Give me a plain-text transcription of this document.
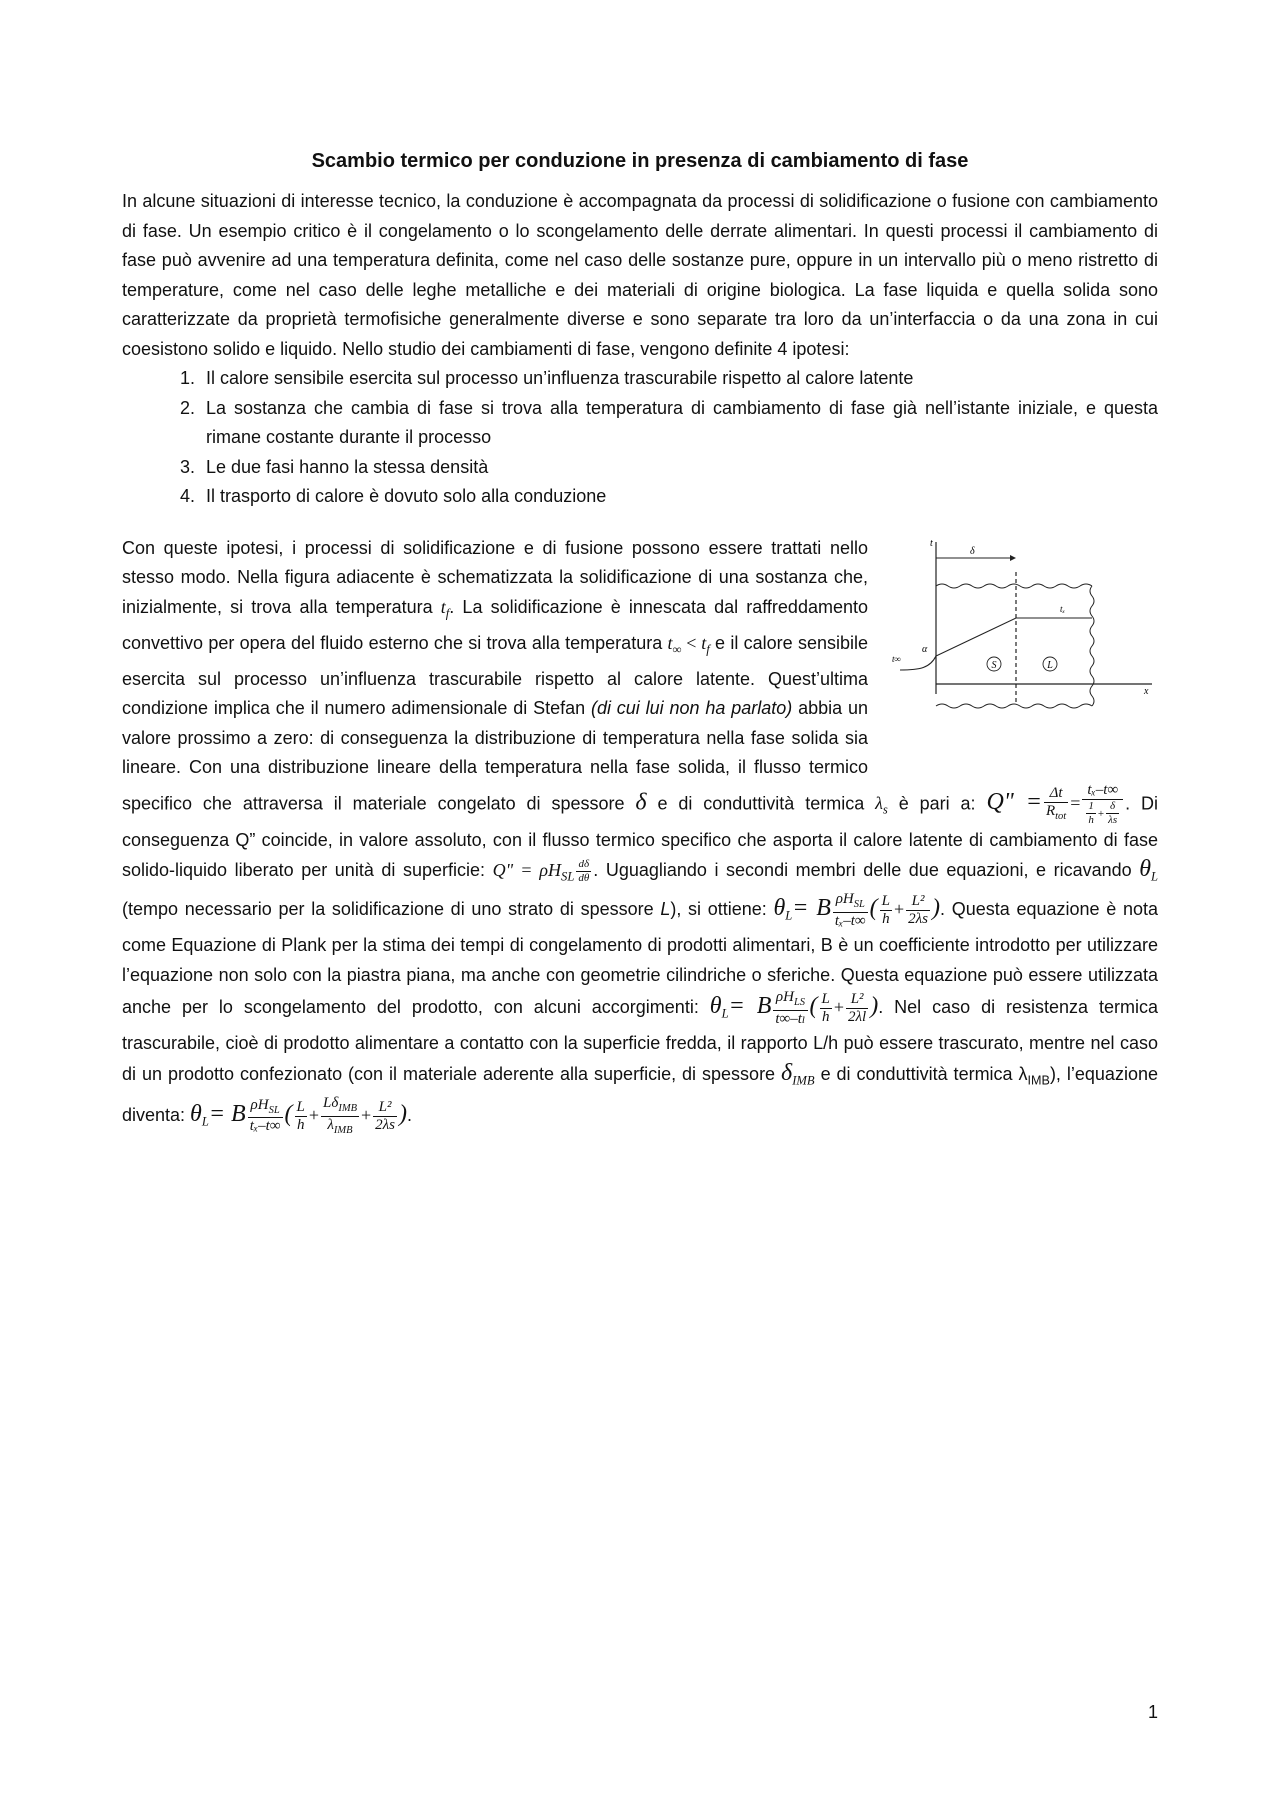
Scambio termico per conduzione in presenza di cambiamento di fase

In alcune situazioni di interesse tecnico, la conduzione è accompagnata da processi di solidificazione o fusione con cambiamento di fase. Un esempio critico è il congelamento o lo scongelamento delle derrate alimentari. In questi processi il cambiamento di fase può avvenire ad una temperatura definita, come nel caso delle sostanze pure, oppure in un intervallo più o meno ristretto di temperature, come nel caso delle leghe metalliche e dei materiali di origine biologica. La fase liquida e quella solida sono caratterizzate da proprietà termofisiche generalmente diverse e sono separate tra loro da un’interfaccia o da una zona in cui coesistono solido e liquido. Nello studio dei cambiamenti di fase, vengono definite 4 ipotesi:

1. Il calore sensibile esercita sul processo un’influenza trascurabile rispetto al calore latente
2. La sostanza che cambia di fase si trova alla temperatura di cambiamento di fase già nell’istante iniziale, e questa rimane costante durante il processo
3. Le due fasi hanno la stessa densità
4. Il trasporto di calore è dovuto solo alla conduzione
S	L
t
δ
tₓ
α
t∞
x

Con queste ipotesi, i processi di solidificazione e di fusione possono essere trattati nello stesso modo. Nella figura adiacente è schematizzata la solidificazione di una sostanza che, inizialmente, si trova alla temperatura $t_f$. La solidificazione è innescata dal raffreddamento convettivo per opera del fluido esterno che si trova alla temperatura $t_\infty < t_f$ e il calore sensibile esercita sul processo un’influenza trascurabile rispetto al calore latente. Quest’ultima condizione implica che il numero adimensionale di Stefan (di cui lui non ha parlato) abbia un valore prossimo a zero: di conseguenza la distribuzione di temperatura nella fase solida sia lineare. Con una distribuzione lineare della temperatura nella fase solida, il flusso termico specifico che attraversa il materiale congelato di spessore δ e di conduttività termica $\lambda_s$ è pari a: Q" = $\frac{\Delta t}{R_{tot}} = \frac{\text{tₓ–t∞}}{\frac{1}{h} + \frac{\delta}{\lambda s}}$ . Di conseguenza Q” coincide, in valore assoluto, con il flusso termico specifico che asporta il calore latente di cambiamento di fase solido-liquido liberato per unità di superficie: Q" = $\rho H_{SL} \frac{d\delta}{d\theta}$ . Uguagliando i secondi membri delle due equazioni, e ricavando $\theta_L$ (tempo necessario per la solidificazione di uno strato di spessore L), si ottiene: $\theta_L= B \frac{\rho H_{SL}}{\text{tₓ–t∞}}$ ( $\frac{L}{h} + \frac{\text{L²}}{2\lambda s}$ ). Questa equazione è nota come Equazione di Plank per la stima dei tempi di congelamento di prodotti alimentari, B è un coefficiente introdotto per utilizzare l’equazione non solo con la piastra piana, ma anche con geometrie cilindriche o sferiche. Questa equazione può essere utilizzata anche per lo scongelamento del prodotto, con alcuni accorgimenti: $\theta_L= B \frac{\rho H_{LS}}{\text{t∞–tₗ}}$ ( $\frac{L}{h} + \frac{\text{L²}}{2\lambda l}$ ). Nel caso di resistenza termica trascurabile, cioè di prodotto alimentare a contatto con la superficie fredda, il rapporto L/h può essere trascurato, mentre nel caso di un prodotto confezionato (con il materiale aderente alla superficie, di spessore $\delta_{IMB}$ e di conduttività termica $\lambda_{IMB}$), l’equazione diventa: $\theta_L= B \frac{\rho H_{SL}}{\text{tₓ–t∞}}$ ( $\frac{L}{h} + \frac{L\delta_{IMB}}{\lambda_{IMB}} + \frac{\text{L²}}{2\lambda s}$ ).

1
